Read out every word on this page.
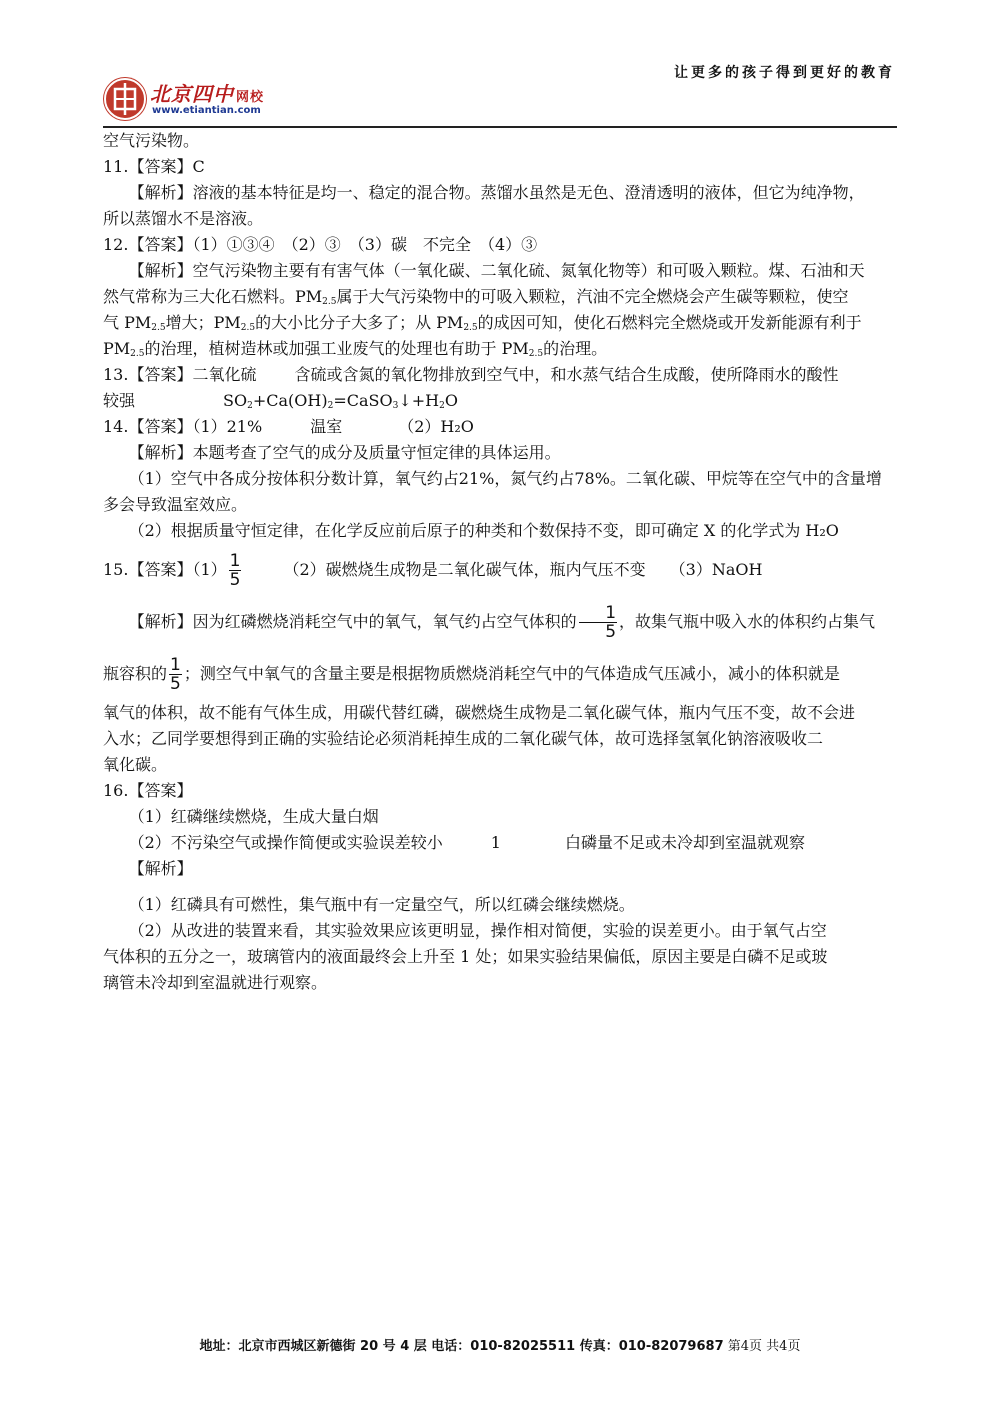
北京四中 网校
www.etiantian.com
让更多的孩子得到更好的教育

空气污染物。

11.【答案】C

【解析】溶液的基本特征是均一、稳定的混合物。蒸馏水虽然是无色、澄清透明的液体，但它为纯净物，

所以蒸馏水不是溶液。

12.【答案】（1）①③④　（2）③　（3）碳　不完全　（4）③

【解析】空气污染物主要有有害气体（一氧化碳、二氧化硫、氮氧化物等）和可吸入颗粒。煤、石油和天

然气常称为三大化石燃料。$PM_{2.5}$属于大气污染物中的可吸入颗粒，汽油不完全燃烧会产生碳等颗粒，使空

气 $PM_{2.5}$增大；$PM_{2.5}$的大小比分子大多了；从 $PM_{2.5}$的成因可知，使化石燃料完全燃烧或开发新能源有利于

$PM_{2.5}$的治理，植树造林或加强工业废气的处理也有助于 $PM_{2.5}$的治理。

13.【答案】二氧化硫 含硫或含氮的氧化物排放到空气中，和水蒸气结合生成酸，使所降雨水的酸性

较强	$SO_2+Ca(OH)_2=CaSO_3↓+H_2O$

14.【答案】（1）21%　　　温室　　　　（2）H₂O

【解析】本题考查了空气的成分及质量守恒定律的具体运用。

（1）空气中各成分按体积分数计算，氧气约占21%，氮气约占78%。二氧化碳、甲烷等在空气中的含量增

多会导致温室效应。

（2）根据质量守恒定律，在化学反应前后原子的种类和个数保持不变，即可确定 X 的化学式为 H₂O

15.【答案】$(1) \frac{1}{5}$	（2）碳燃烧生成物是二氧化碳气体，瓶内气压不变　　（3）NaOH

【解析】因为红磷燃烧消耗空气中的氧气，氧气约占空气体积的 $\frac{1}{5}$ ，故集气瓶中吸入水的体积约占集气

瓶容积的 $\frac{1}{5}$ ；测空气中氧气的含量主要是根据物质燃烧消耗空气中的气体造成气压减小，减小的体积就是

氧气的体积，故不能有气体生成，用碳代替红磷，碳燃烧生成物是二氧化碳气体，瓶内气压不变，故不会进

入水；乙同学要想得到正确的实验结论必须消耗掉生成的二氧化碳气体，故可选择氢氧化钠溶液吸收二

氧化碳。

16.【答案】

（1）红磷继续燃烧，生成大量白烟

（2）不污染空气或操作简便或实验误差较小　　　1　　　　白磷量不足或未冷却到室温就观察

【解析】

（1）红磷具有可燃性，集气瓶中有一定量空气，所以红磷会继续燃烧。

（2）从改进的装置来看，其实验效果应该更明显，操作相对简便，实验的误差更小。由于氧气占空

气体积的五分之一，玻璃管内的液面最终会上升至 1 处；如果实验结果偏低，原因主要是白磷不足或玻

璃管未冷却到室温就进行观察。

地址：北京市西城区新德街 20 号 4 层 电话：010-82025511 传真：010-82079687 第4页 共4页
